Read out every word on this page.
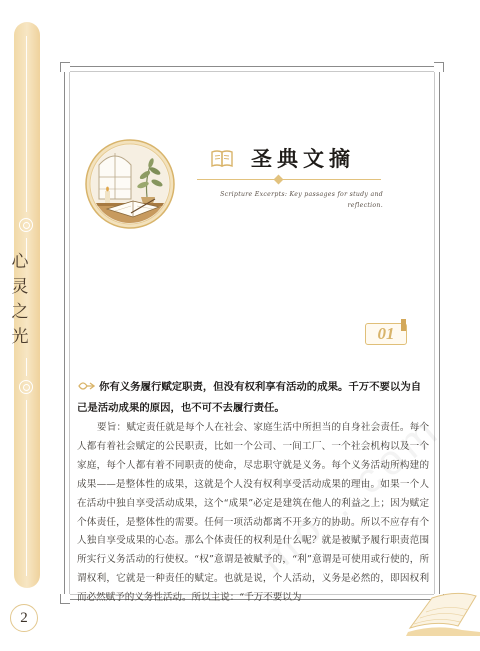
心
灵
之
光
2
圣典文摘
Scripture Excerpts: Key passages for study and reflection.
01
你有义务履行赋定职责，但没有权利享有活动的成果。千万不要以为自己是活动成果的原因，也不可不去履行责任。
要旨：赋定责任就是每个人在社会、家庭生活中所担当的自身社会责任。每个人都有着社会赋定的公民职责，比如一个公司、一间工厂、一个社会机构以及一个家庭，每个人都有着不同职责的使命，尽忠职守就是义务。每个义务活动所构建的成果——是整体性的成果，这就是个人没有权利享受活动成果的理由。如果一个人在活动中独自享受活动成果，这个“成果”必定是建筑在他人的利益之上；因为赋定个体责任，是整体性的需要。任何一项活动都离不开多方的协助。所以不应存有个人独自享受成果的心态。那么个体责任的权利是什么呢？就是被赋予履行职责范围所实行义务活动的行使权。“权”意谓是被赋予的，“利”意谓是可使用或行使的，所谓权利，它就是一种责任的赋定。也就是说，个人活动，义务是必然的，即因权利而必然赋予的义务性活动。所以主说：“千万不要以为
